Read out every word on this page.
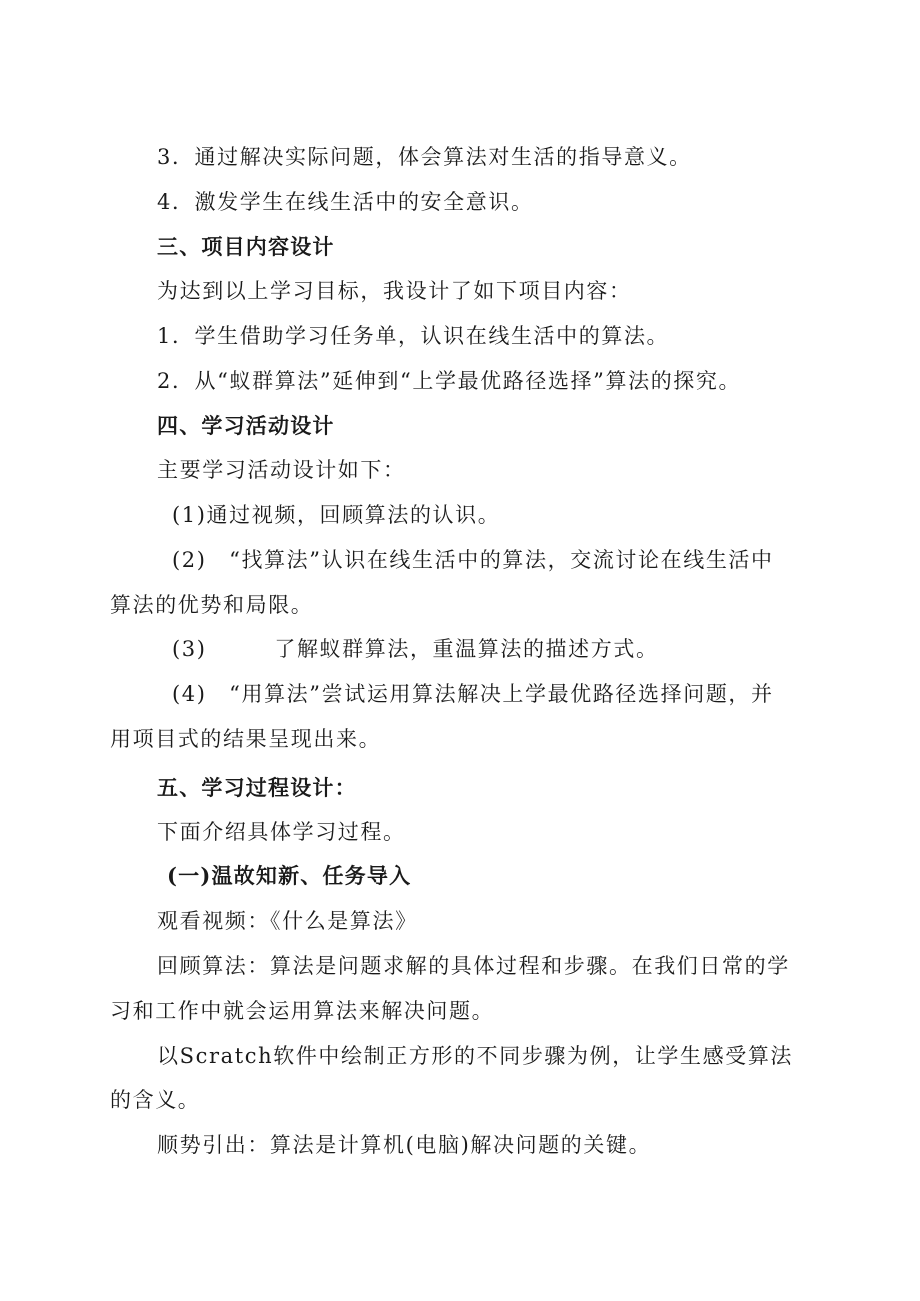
3．通过解决实际问题，体会算法对生活的指导意义。
4．激发学生在线生活中的安全意识。
三、项目内容设计
为达到以上学习目标，我设计了如下项目内容：
1．学生借助学习任务单，认识在线生活中的算法。
2．从“蚁群算法”延伸到“上学最优路径选择”算法的探究。
四、学习活动设计
主要学习活动设计如下：
(1)通过视频，回顾算法的认识。
(2)　“找算法”认识在线生活中的算法，交流讨论在线生活中
算法的优势和局限。
(3)　　　了解蚁群算法，重温算法的描述方式。
(4)　“用算法”尝试运用算法解决上学最优路径选择问题，并
用项目式的结果呈现出来。
五、学习过程设计：
下面介绍具体学习过程。
(一)温故知新、任务导入
观看视频：《什么是算法》
回顾算法：算法是问题求解的具体过程和步骤。在我们日常的学
习和工作中就会运用算法来解决问题。
以Scratch软件中绘制正方形的不同步骤为例，让学生感受算法
的含义。
顺势引出：算法是计算机(电脑)解决问题的关键。
